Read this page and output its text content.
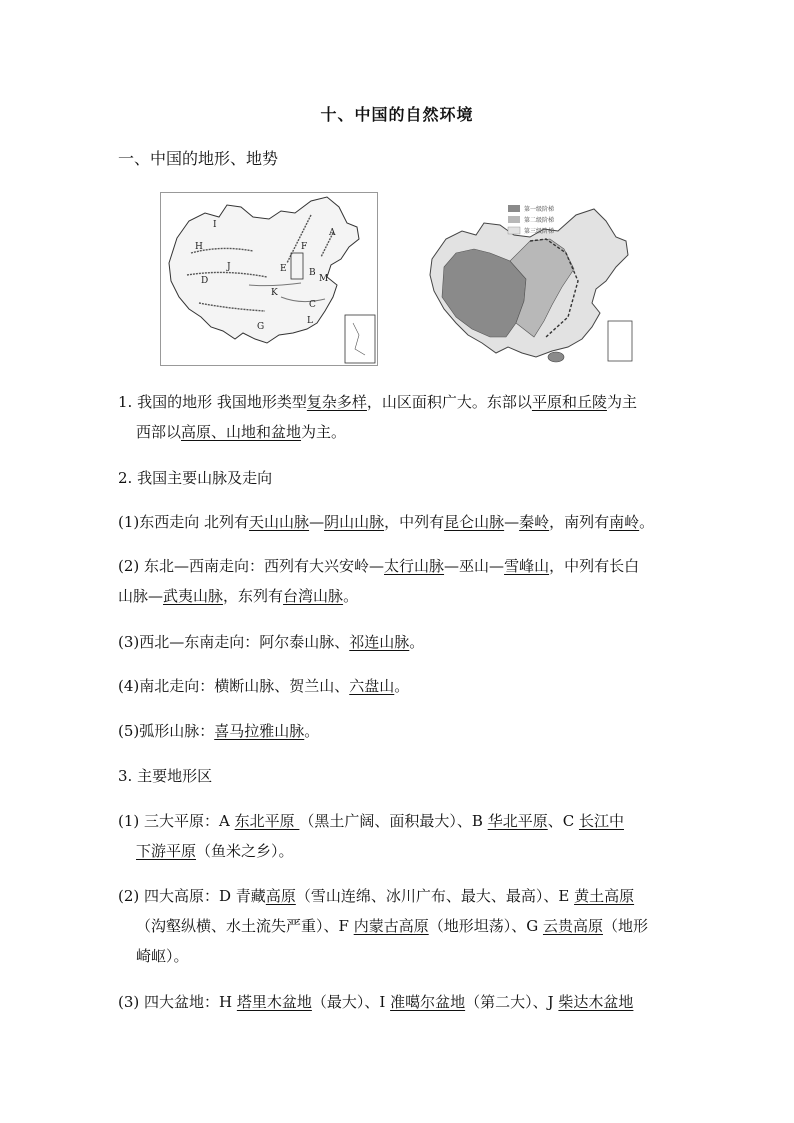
十、中国的自然环境
一、中国的地形、地势
I
A
H	F
J
D
E B
M
K
C
L
G
第一级阶梯
第二级阶梯
第三级阶梯
1. 我国的地形 我国地形类型复杂多样，山区面积广大。东部以平原和丘陵为主
西部以高原、山地和盆地为主。
2. 我国主要山脉及走向
(1)东西走向 北列有天山山脉—阴山山脉，中列有昆仑山脉—秦岭，南列有南岭。
(2) 东北—西南走向：西列有大兴安岭—太行山脉—巫山—雪峰山，中列有长白
山脉—武夷山脉，东列有台湾山脉。
(3)西北—东南走向：阿尔泰山脉、祁连山脉。
(4)南北走向：横断山脉、贺兰山、六盘山。
(5)弧形山脉：喜马拉雅山脉。
3. 主要地形区
(1) 三大平原：A 东北平原 （黑土广阔、面积最大）、B 华北平原、C 长江中
下游平原（鱼米之乡）。
(2) 四大高原：D 青藏高原（雪山连绵、冰川广布、最大、最高）、E 黄土高原
（沟壑纵横、水土流失严重）、F 内蒙古高原（地形坦荡）、G 云贵高原（地形
崎岖）。
(3) 四大盆地：H 塔里木盆地（最大）、I 准噶尔盆地（第二大）、J 柴达木盆地
